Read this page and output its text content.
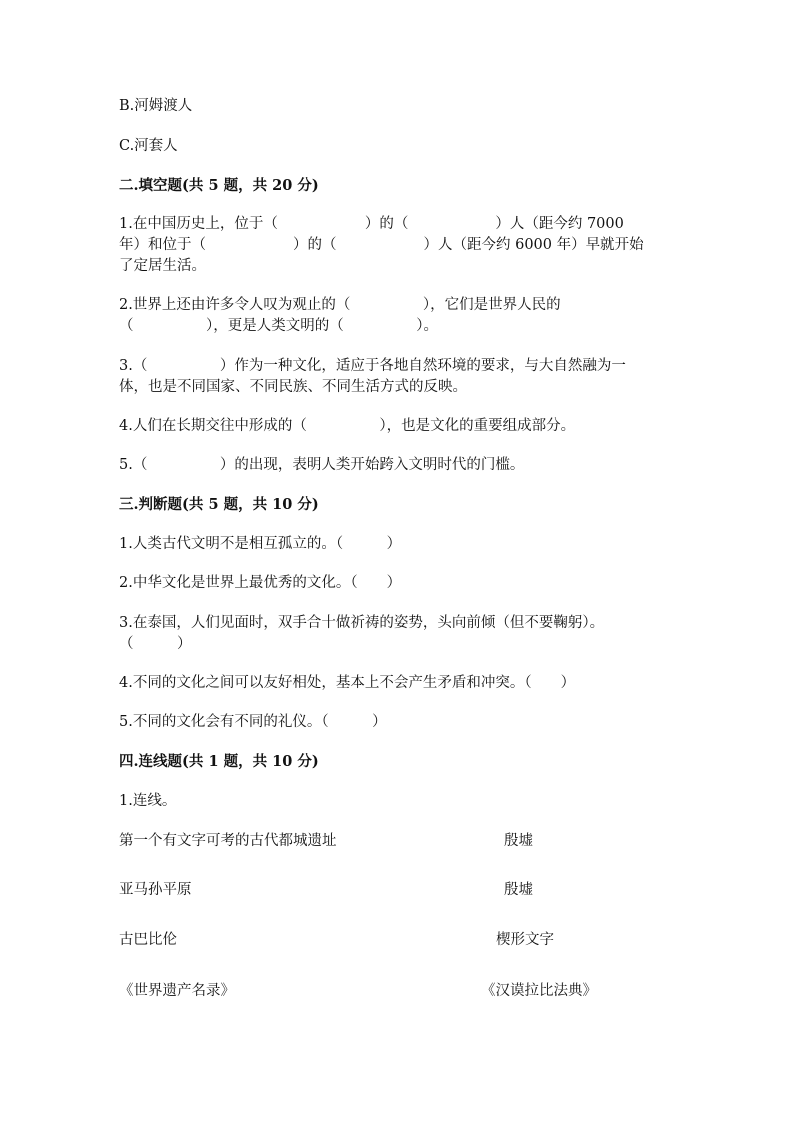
B.河姆渡人
C.河套人
二.填空题(共 5 题，共 20 分)
1.在中国历史上，位于（　　　　　　）的（　　　　　　）人（距今约 7000
年）和位于（　　　　　　）的（　　　　　　）人（距今约 6000 年）早就开始
了定居生活。
2.世界上还由许多令人叹为观止的（　　　　　），它们是世界人民的
（　　　　　），更是人类文明的（　　　　　）。
3.（　　　　　）作为一种文化，适应于各地自然环境的要求，与大自然融为一
体，也是不同国家、不同民族、不同生活方式的反映。
4.人们在长期交往中形成的（　　　　　），也是文化的重要组成部分。
5.（　　　　　）的出现，表明人类开始跨入文明时代的门槛。
三.判断题(共 5 题，共 10 分)
1.人类古代文明不是相互孤立的。（　　　）
2.中华文化是世界上最优秀的文化。（　　）
3.在泰国，人们见面时，双手合十做祈祷的姿势，头向前倾（但不要鞠躬）。
（　　　）
4.不同的文化之间可以友好相处，基本上不会产生矛盾和冲突。（　　）
5.不同的文化会有不同的礼仪。（　　　）
四.连线题(共 1 题，共 10 分)
1.连线。
第一个有文字可考的古代都城遗址	殷墟
亚马孙平原	殷墟
古巴比伦	楔形文字
《世界遗产名录》	《汉谟拉比法典》
